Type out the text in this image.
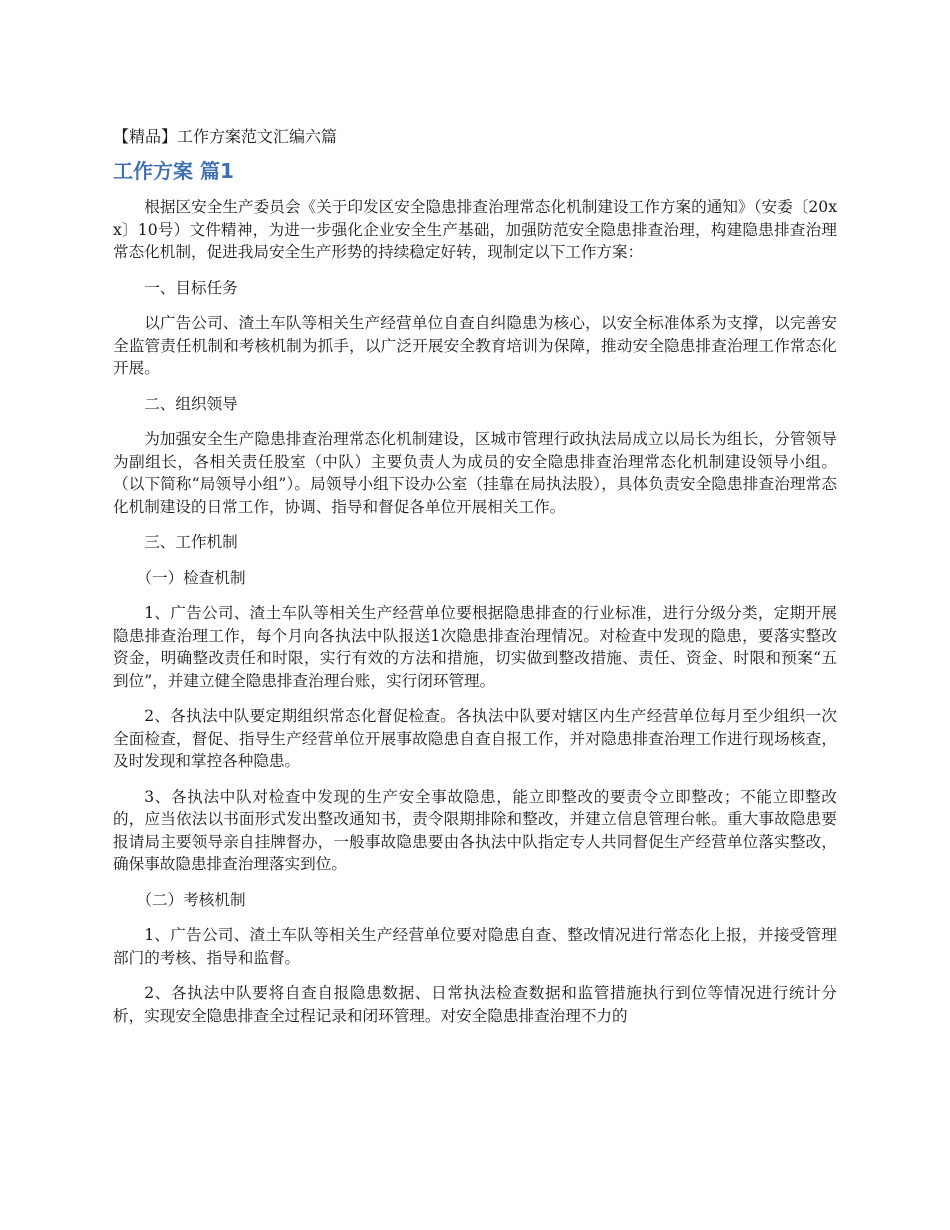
【精品】工作方案范文汇编六篇
工作方案 篇1

根据区安全生产委员会《关于印发区安全隐患排查治理常态化机制建设工作方案的通知》（安委〔20xx〕10号）文件精神，为进一步强化企业安全生产基础，加强防范安全隐患排查治理，构建隐患排查治理常态化机制，促进我局安全生产形势的持续稳定好转，现制定以下工作方案：

一、目标任务

以广告公司、渣土车队等相关生产经营单位自查自纠隐患为核心，以安全标准体系为支撑，以完善安全监管责任机制和考核机制为抓手，以广泛开展安全教育培训为保障，推动安全隐患排查治理工作常态化开展。

二、组织领导

为加强安全生产隐患排查治理常态化机制建设，区城市管理行政执法局成立以局长为组长，分管领导为副组长，各相关责任股室（中队）主要负责人为成员的安全隐患排查治理常态化机制建设领导小组。（以下简称“局领导小组”）。局领导小组下设办公室（挂靠在局执法股），具体负责安全隐患排查治理常态化机制建设的日常工作，协调、指导和督促各单位开展相关工作。

三、工作机制

（一）检查机制

1、广告公司、渣土车队等相关生产经营单位要根据隐患排查的行业标准，进行分级分类，定期开展隐患排查治理工作，每个月向各执法中队报送1次隐患排查治理情况。对检查中发现的隐患，要落实整改资金，明确整改责任和时限，实行有效的方法和措施，切实做到整改措施、责任、资金、时限和预案“五到位”，并建立健全隐患排查治理台账，实行闭环管理。

2、各执法中队要定期组织常态化督促检查。各执法中队要对辖区内生产经营单位每月至少组织一次全面检查，督促、指导生产经营单位开展事故隐患自查自报工作，并对隐患排查治理工作进行现场核查，及时发现和掌控各种隐患。

3、各执法中队对检查中发现的生产安全事故隐患，能立即整改的要责令立即整改；不能立即整改的，应当依法以书面形式发出整改通知书，责令限期排除和整改，并建立信息管理台帐。重大事故隐患要报请局主要领导亲自挂牌督办，一般事故隐患要由各执法中队指定专人共同督促生产经营单位落实整改，确保事故隐患排查治理落实到位。

（二）考核机制

1、广告公司、渣土车队等相关生产经营单位要对隐患自查、整改情况进行常态化上报，并接受管理部门的考核、指导和监督。

2、各执法中队要将自查自报隐患数据、日常执法检查数据和监管措施执行到位等情况进行统计分析，实现安全隐患排查全过程记录和闭环管理。对安全隐患排查治理不力的
